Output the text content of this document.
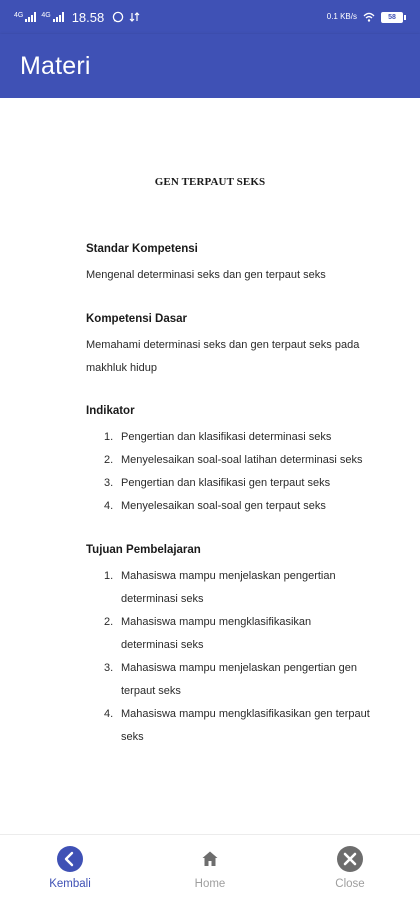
4G	4G 18.58	0.1 KB/s	58
Materi
GEN TERPAUT SEKS
Standar Kompetensi
Mengenal determinasi seks dan gen terpaut seks
Kompetensi Dasar
Memahami determinasi seks dan gen terpaut seks pada makhluk hidup
Indikator
1. Pengertian dan klasifikasi determinasi seks
2. Menyelesaikan soal-soal latihan determinasi seks
3. Pengertian dan klasifikasi gen terpaut seks
4. Menyelesaikan soal-soal gen terpaut seks
Tujuan Pembelajaran
1. Mahasiswa mampu menjelaskan pengertian determinasi seks
2. Mahasiswa mampu mengklasifikasikan determinasi seks
3. Mahasiswa mampu menjelaskan pengertian gen terpaut seks
4. Mahasiswa mampu mengklasifikasikan gen terpaut seks
Kembali	Home	Close
